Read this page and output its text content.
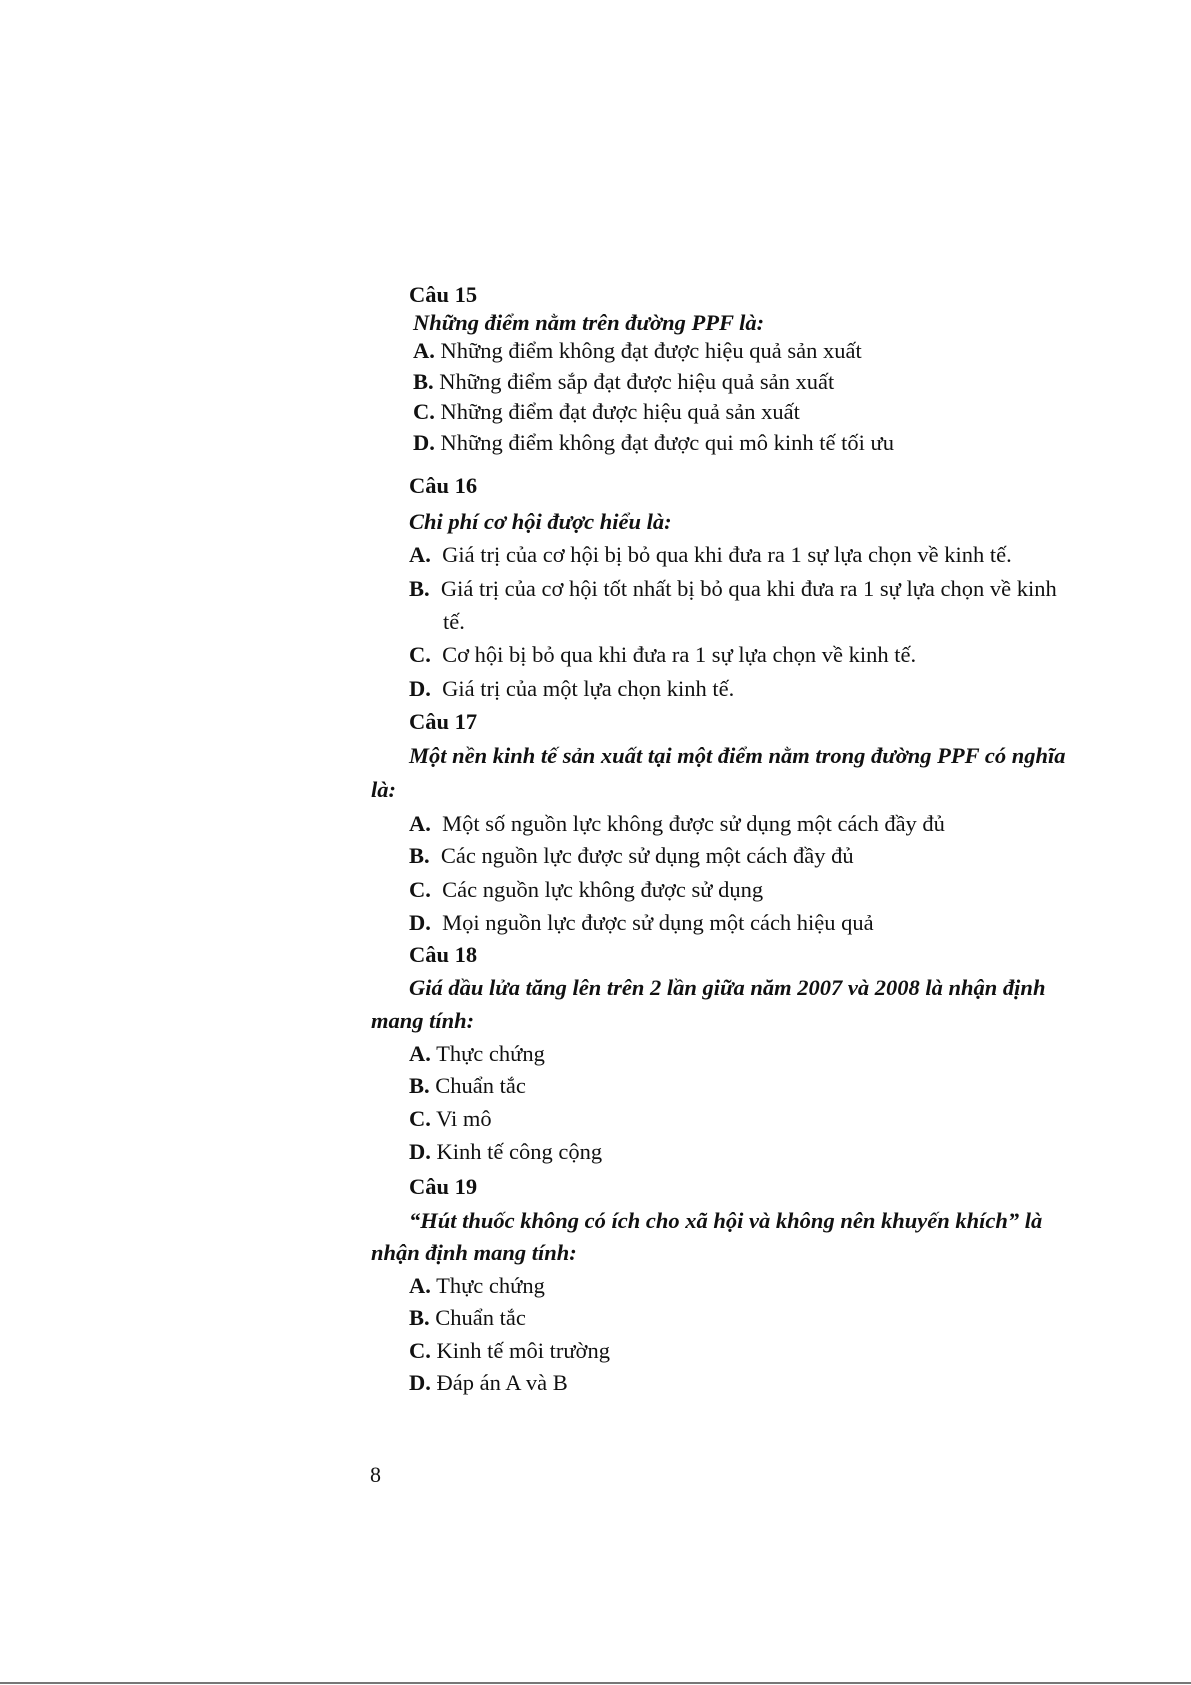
Câu 15
Những điểm nằm trên đường PPF là:
A. Những điểm không đạt được hiệu quả sản xuất
B. Những điểm sắp đạt được hiệu quả sản xuất
C. Những điểm đạt được hiệu quả sản xuất
D. Những điểm không đạt được qui mô kinh tế tối ưu
Câu 16
Chi phí cơ hội được hiểu là:
A. Giá trị của cơ hội bị bỏ qua khi đưa ra 1 sự lựa chọn về kinh tế.
B. Giá trị của cơ hội tốt nhất bị bỏ qua khi đưa ra 1 sự lựa chọn về kinh
tế.
C. Cơ hội bị bỏ qua khi đưa ra 1 sự lựa chọn về kinh tế.
D. Giá trị của một lựa chọn kinh tế.
Câu 17
Một nền kinh tế sản xuất tại một điểm nằm trong đường PPF có nghĩa
là:
A. Một số nguồn lực không được sử dụng một cách đầy đủ
B. Các nguồn lực được sử dụng một cách đầy đủ
C. Các nguồn lực không được sử dụng
D. Mọi nguồn lực được sử dụng một cách hiệu quả
Câu 18
Giá dầu lửa tăng lên trên 2 lần giữa năm 2007 và 2008 là nhận định
mang tính:
A. Thực chứng
B. Chuẩn tắc
C. Vi mô
D. Kinh tế công cộng
Câu 19
“Hút thuốc không có ích cho xã hội và không nên khuyến khích” là
nhận định mang tính:
A. Thực chứng
B. Chuẩn tắc
C. Kinh tế môi trường
D. Đáp án A và B
8
